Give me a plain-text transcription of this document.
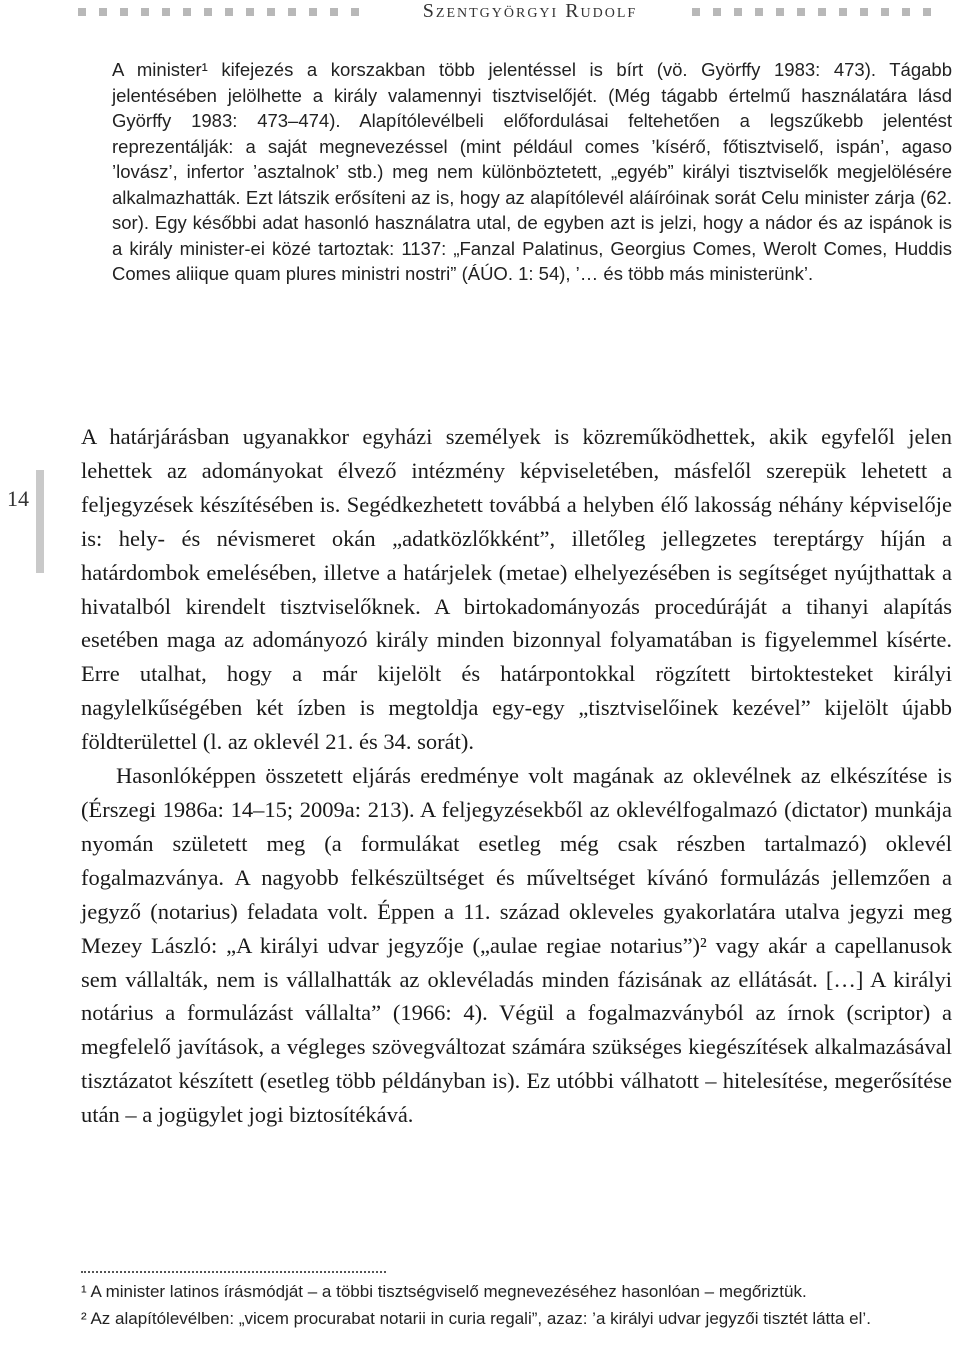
Szentgyörgyi Rudolf

A minister¹ kifejezés a korszakban több jelentéssel is bírt (vö. Györffy 1983: 473). Tágabb jelentésében jelölhette a király valamennyi tisztviselőjét. (Még tágabb értelmű használatára lásd Györffy 1983: 473–474). Alapítólevélbeli előfordulásai feltehetően a legszűkebb jelentést reprezentálják: a saját megnevezéssel (mint például comes ’kísérő, főtisztviselő, ispán’, agaso ’lovász’, infertor ’asztalnok’ stb.) meg nem különböztetett, „egyéb” királyi tisztviselők megjelölésére alkalmazhatták. Ezt látszik erősíteni az is, hogy az alapítólevél aláíróinak sorát Celu minister zárja (62. sor). Egy későbbi adat hasonló használatra utal, de egyben azt is jelzi, hogy a nádor és az ispánok is a király minister-ei közé tartoztak: 1137: „Fanzal Palatinus, Georgius Comes, Werolt Comes, Huddis Comes aliique quam plures ministri nostri” (ÁÚO. 1: 54), ’… és több más ministerünk’.

14

A határjárásban ugyanakkor egyházi személyek is közreműködhettek, akik egyfelől jelen lehettek az adományokat élvező intézmény képviseletében, másfelől szerepük lehetett a feljegyzések készítésében is. Segédkezhetett továbbá a helyben élő lakosság néhány képviselője is: hely- és névismeret okán „adatközlőkként”, illetőleg jellegzetes tereptárgy híján a határdombok emelésében, illetve a határjelek (metae) elhelyezésében is segítséget nyújthattak a hivatalból kirendelt tisztviselőknek. A birtokadományozás procedúráját a tihanyi alapítás esetében maga az adományozó király minden bizonnyal folyamatában is figyelemmel kísérte. Erre utalhat, hogy a már kijelölt és határpontokkal rögzített birtoktesteket királyi nagylelkűségében két ízben is megtoldja egy-egy „tisztviselőinek kezével” kijelölt újabb földterülettel (l. az oklevél 21. és 34. sorát).

Hasonlóképpen összetett eljárás eredménye volt magának az oklevélnek az elkészítése is (Érszegi 1986a: 14–15; 2009a: 213). A feljegyzésekből az oklevélfogalmazó (dictator) munkája nyomán született meg (a formulákat esetleg még csak részben tartalmazó) oklevél fogalmazványa. A nagyobb felkészültséget és műveltséget kívánó formulázás jellemzően a jegyző (notarius) feladata volt. Éppen a 11. század okleveles gyakorlatára utalva jegyzi meg Mezey László: „A királyi udvar jegyzője („aulae regiae notarius”)² vagy akár a capellanusok sem vállalták, nem is vállalhatták az oklevéladás minden fázisának az ellátását. […] A királyi notárius a formulázást vállalta” (1966: 4). Végül a fogalmazványból az írnok (scriptor) a megfelelő javítások, a végleges szövegváltozat számára szükséges kiegészítések alkalmazásával tisztázatot készített (esetleg több példányban is). Ez utóbbi válhatott – hitelesítése, megerősítése után – a jogügylet jogi biztosítékává.

¹ A minister latinos írásmódját – a többi tisztségviselő megnevezéséhez hasonlóan – megőriztük.

² Az alapítólevélben: „vicem procurabat notarii in curia regali”, azaz: ’a királyi udvar jegyzői tisztét látta el’.
